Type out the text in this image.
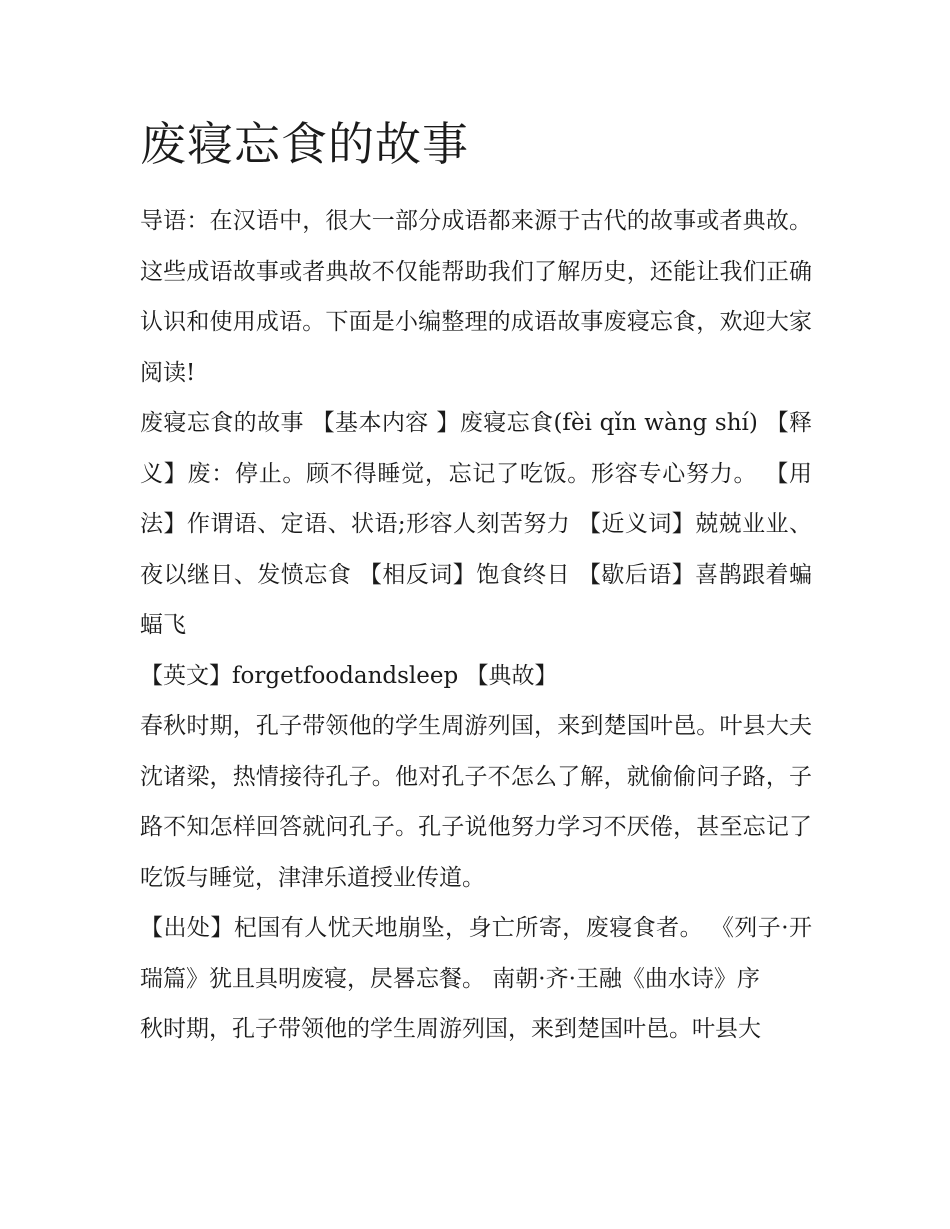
废寝忘食的故事

导语：在汉语中，很大一部分成语都来源于古代的故事或者典故。这些成语故事或者典故不仅能帮助我们了解历史，还能让我们正确认识和使用成语。下面是小编整理的成语故事废寝忘食，欢迎大家阅读!

废寝忘食的故事 【基本内容 】废寝忘食(fèi qǐn wàng shí) 【释义】废：停止。顾不得睡觉，忘记了吃饭。形容专心努力。 【用法】作谓语、定语、状语;形容人刻苦努力 【近义词】兢兢业业、夜以继日、发愤忘食 【相反词】饱食终日 【歇后语】喜鹊跟着蝙蝠飞

【英文】forgetfoodandsleep 【典故】

春秋时期，孔子带领他的学生周游列国，来到楚国叶邑。叶县大夫沈诸梁，热情接待孔子。他对孔子不怎么了解，就偷偷问子路，子路不知怎样回答就问孔子。孔子说他努力学习不厌倦，甚至忘记了吃饭与睡觉，津津乐道授业传道。

【出处】杞国有人忧天地崩坠，身亡所寄，废寝食者。 《列子·开瑞篇》犹且具明废寝，昃晷忘餐。 南朝·齐·王融《曲水诗》序

秋时期，孔子带领他的学生周游列国，来到楚国叶邑。叶县大
